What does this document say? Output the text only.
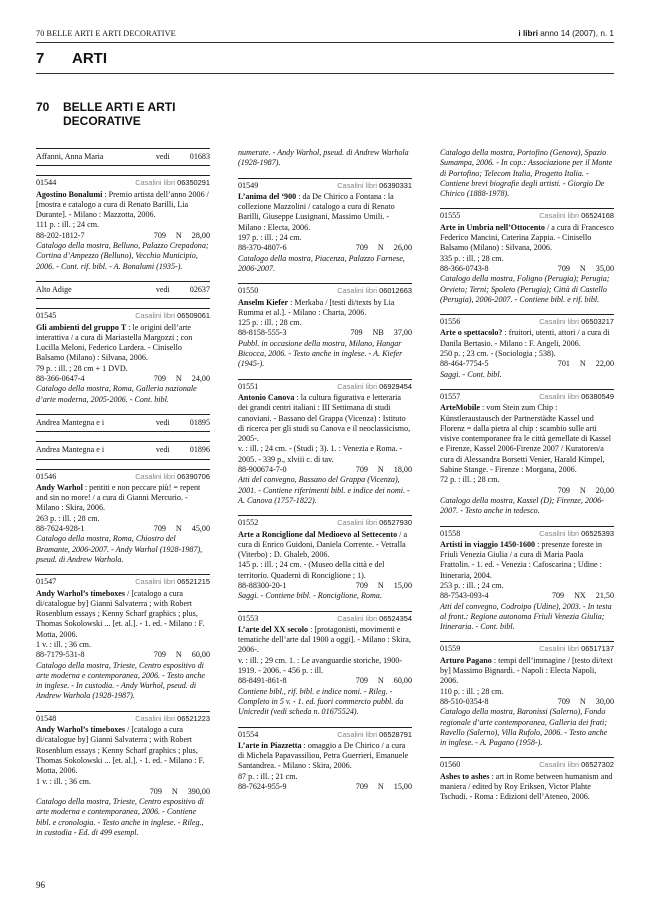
70 BELLE ARTI E ARTI DECORATIVE	i libri anno 14 (2007), n. 1
7 ARTI
70 BELLE ARTI E ARTI DECORATIVE
Affanni, Anna Maria	vedi 01683
01544	Casalini libri 06350291
Agostino Bonalumi : Premio artista dell’anno 2006 / [mostra e catalogo a cura di Renato Barilli, Lia Durante]. - Milano : Mazzotta, 2006.
111 p. : ill. ; 24 cm.
88-202-1812-7	709 N 28,00
Catalogo della mostra, Belluno, Palazzo Crepadona; Cortina d’Ampezzo (Belluno), Vecchio Municipio, 2006. - Cont. rif. bibl. - A. Bonalumi (1935-).
Alto Adige	vedi 02637
01545	Casalini libri 06509061
Gli ambienti del gruppo T : le origini dell’arte interattiva / a cura di Mariastella Margozzi ; con Lucilla Meloni, Federico Lardera. - Cinisello Balsamo (Milano) : Silvana, 2006.
79 p. : ill. ; 28 cm + 1 DVD.
88-366-0647-4	709 N 24,00
Catalogo della mostra, Roma, Galleria nazionale d’arte moderna, 2005-2006. - Cont. bibl.
Andrea Mantegna e i	vedi 01895
Andrea Mantegna e i	vedi 01896
01546	Casalini libri 06390706
Andy Warhol : pentiti e non peccare più! = repent and sin no more! / a cura di Gianni Mercurio. - Milano : Skira, 2006.
263 p. : ill. ; 28 cm.
88-7624-928-1	709 N 45,00
Catalogo della mostra, Roma, Chiostro del Bramante, 2006-2007. - Andy Warhol (1928-1987), pseud. di Andrew Warhola.
01547	Casalini libri 06521215
Andy Warhol’s timeboxes / [catalogo a cura di/catalogue by] Gianni Salvaterra ; with Robert Rosenblum essays ; Kenny Scharf graphics ; plus, Thomas Sokolowski ... [et. al.]. - 1. ed. - Milano : F. Motta, 2006.
1 v. : ill. ; 36 cm.
88-7179-531-8	709 N 60,00
Catalogo della mostra, Trieste, Centro espositivo di arte moderna e contemporanea, 2006. - Testo anche in inglese. - In custodia. - Andy Warhol, pseud. di Andrew Warhola (1928-1987).
01548	Casalini libri 06521223
Andy Warhol’s timeboxes / [catalogo a cura di/catalogue by] Gianni Salvaterra ; with Robert Rosenblum essays ; Kenny Scharf graphics ; plus, Thomas Sokolowski ... [et. al.]. - 1. ed. - Milano : F. Motta, 2006.
1 v. : ill. ; 36 cm.
709 N 390,00
Catalogo della mostra, Trieste, Centro espositivo di arte moderna e contemporanea, 2006. - Contiene bibl. e cronologia. - Testo anche in inglese. - Rileg., in custodia - Ed. di 499 esempl.
numerate. - Andy Warhol, pseud. di Andrew Warhola (1928-1987).
01549	Casalini libri 06390331
L’anima del ‘900 : da De Chirico a Fontana : la collezione Mazzolini / catalogo a cura di Renato Barilli, Giuseppe Lusignani, Massimo Umili. - Milano : Electa, 2006.
197 p. : ill. ; 24 cm.
88-370-4807-6	709 N 26,00
Catalogo della mostra, Piacenza, Palazzo Farnese, 2006-2007.
01550	Casalini libri 06012663
Anselm Kiefer : Merkaba / [testi di/texts by Lia Rumma et al.]. - Milano : Charta, 2006.
125 p. : ill. ; 28 cm.
88-8158-555-3	709 NB 37,00
Pubbl. in occasione della mostra, Milano, Hangar Bicocca, 2006. - Testo anche in inglese. - A. Kiefer (1945-).
01551	Casalini libri 06929454
Antonio Canova : la cultura figurativa e letteraria dei grandi centri italiani : III Settimana di studi canoviani. - Bassano del Grappa (Vicenza) : Istituto di ricerca per gli studi su Canova e il neoclassicismo, 2005-.
v. : ill. ; 24 cm. - (Studi ; 3). 1. : Venezia e Roma. - 2005. - 339 p., xlviii c. di tav.
88-900674-7-0	709 N 18,00
Atti del convegno, Bassano del Grappa (Vicenza), 2001. - Contiene riferimenti bibl. e indice dei nomi. - A. Canova (1757-1822).
01552	Casalini libri 06527930
Arte a Ronciglione dal Medioevo al Settecento / a cura di Enrico Guidoni, Daniela Corrente. - Vetralla (Viterbo) : D. Ghaleb, 2006.
145 p. : ill. ; 24 cm. - (Museo della città e del territorio. Quaderni di Ronciglione ; 1).
88-88300-20-1	709 N 15,00
Saggi. - Contiene bibl. - Ronciglione, Roma.
01553	Casalini libri 06524354
L’arte del XX secolo : [protagonisti, movimenti e tematiche dell’arte dal 1900 a oggi]. - Milano : Skira, 2006-.
v. : ill. ; 29 cm. 1. : Le avanguardie storiche, 1900-1919. - 2006. - 456 p. : ill.
88-8491-861-8	709 N 60,00
Contiene bibl., rif. bibl. e indice nomi. - Rileg. - Completo in 5 v. - 1. ed. fuori commercio pubbl. da Unicredit (vedi scheda n. 01675524).
01554	Casalini libri 06528791
L’arte in Piazzetta : omaggio a De Chirico / a cura di Michela Papavassiliou, Petra Guerrieri, Emanuele Santandrea. - Milano : Skira, 2006.
87 p. : ill. ; 21 cm.
88-7624-955-9	709 N 15,00
Catalogo della mostra, Portofino (Genova), Spazio Sumampa, 2006. - In cop.: Associazione per il Monte di Portofino; Telecom Italia, Progetto Italia. - Contiene brevi biografie degli artisti. - Giorgio De Chirico (1888-1978).
01555	Casalini libri 06524168
Arte in Umbria nell’Ottocento / a cura di Francesco Federico Mancini, Caterina Zappia. - Cinisello Balsamo (Milano) : Silvana, 2006.
335 p. : ill. ; 28 cm.
88-366-0743-8	709 N 35,00
Catalogo della mostra, Foligno (Perugia); Perugia; Orvieto; Terni; Spoleto (Perugia); Città di Castello (Perugia), 2006-2007. - Contiene bibl. e rif. bibl.
01556	Casalini libri 06503217
Arte o spettacolo? : fruitori, utenti, attori / a cura di Danila Bertasio. - Milano : F. Angeli, 2006.
250 p. ; 23 cm. - (Sociologia ; 538).
88-464-7754-5	701 N 22,00
Saggi. - Cont. bibl.
01557	Casalini libri 06380549
ArteMobile : vom Stein zum Chip : Künstleraustausch der Partnerstädte Kassel und Florenz = dalla pietra al chip : scambio sulle arti visive contemporanee fra le città gemellate di Kassel e Firenze, Kassel 2006-Firenze 2007 / Kuratoren/a cura di Alessandra Borsetti Venier, Harald Kimpel, Sabine Stange. - Firenze : Morgana, 2006.
72 p. : ill. ; 28 cm.
709 N 20,00
Catalogo della mostra, Kassel (D); Firenze, 2006-2007. - Testo anche in tedesco.
01558	Casalini libri 06525393
Artisti in viaggio 1450-1600 : presenze foreste in Friuli Venezia Giulia / a cura di Maria Paola Frattolin. - 1. ed. - Venezia : Cafoscarina ; Udine : Itineraria, 2004.
253 p. : ill. ; 24 cm.
88-7543-093-4	709 NX 21,50
Atti del convegno, Codroipo (Udine), 2003. - In testa al front.: Regione autonoma Friuli Venezia Giulia; Itineraria. - Cont. bibl.
01559	Casalini libri 06517137
Arturo Pagano : tempi dell’immagine / [testo di/text by] Massimo Bignardi. - Napoli : Electa Napoli, 2006.
110 p. : ill. ; 28 cm.
88-510-0354-8	709 N 30,00
Catalogo della mostra, Baronissi (Salerno), Fondo regionale d’arte contemporanea, Galleria dei frati; Ravello (Salerno), Villa Rufolo, 2006. - Testo anche in inglese. - A. Pagano (1958-).
01560	Casalini libri 06527302
Ashes to ashes : art in Rome between humanism and maniera / edited by Roy Eriksen, Victor Plahte Tschudi. - Roma : Edizioni dell’Ateneo, 2006.
96
